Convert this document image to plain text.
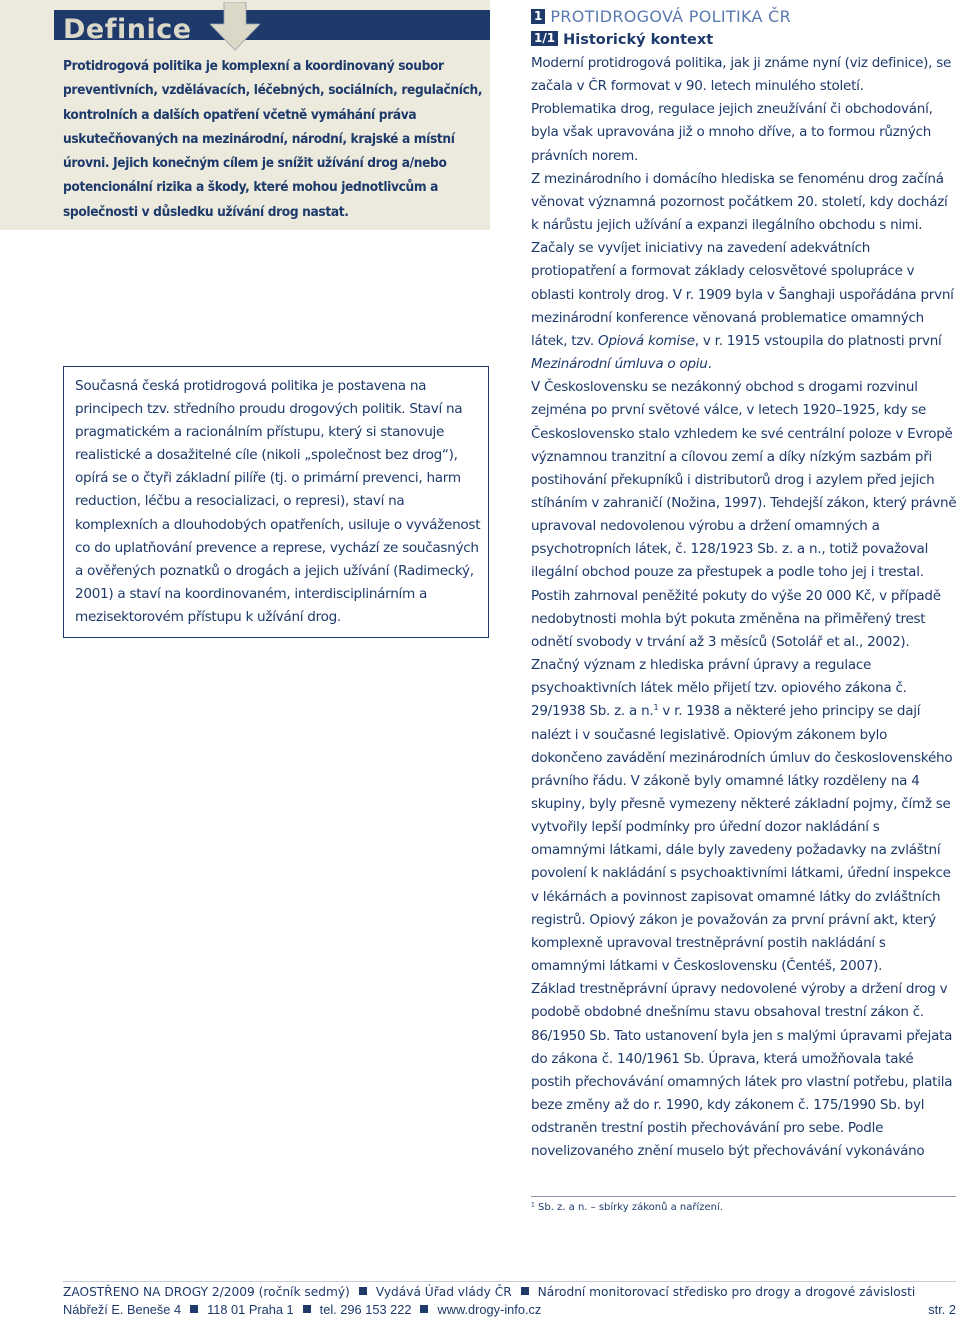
Definice
Protidrogová politika je komplexní a koordinovaný soubor preventivních, vzdělávacích, léčebných, sociálních, regulačních, kontrolních a dalších opatření včetně vymáhání práva uskutečňovaných na mezinárodní, národní, krajské a místní úrovni. Jejich konečným cílem je snížit užívání drog a/nebo potencionální rizika a škody, které mohou jednotlivcům a společnosti v důsledku užívání drog nastat.
Současná česká protidrogová politika je postavena na principech tzv. středního proudu drogových politik. Staví na pragmatickém a racionálním přístupu, který si stanovuje realistické a dosažitelné cíle (nikoli „společnost bez drog“), opírá se o čtyři základní pilíře (tj. o primární prevenci, harm reduction, léčbu a resocializaci, o represi), staví na komplexních a dlouhodobých opatřeních, usiluje o vyváženost co do uplatňování prevence a represe, vychází ze současných a ověřených poznatků o drogách a jejich užívání (Radimecký, 2001) a staví na koordinovaném, interdisciplinárním a mezisektorovém přístupu k užívání drog.
1 PROTIDROGOVÁ POLITIKA ČR
1/1 Historický kontext

Moderní protidrogová politika, jak ji známe nyní (viz definice), se začala v ČR formovat v 90. letech minulého století.

Problematika drog, regulace jejich zneužívání či obchodování, byla však upravována již o mnoho dříve, a to formou různých právních norem.

Z mezinárodního i domácího hlediska se fenoménu drog začíná věnovat významná pozornost počátkem 20. století, kdy dochází k nárůstu jejich užívání a expanzi ilegálního obchodu s nimi.

Začaly se vyvíjet iniciativy na zavedení adekvátních protiopatření a formovat základy celosvětové spolupráce v oblasti kontroly drog. V r. 1909 byla v Šanghaji uspořádána první mezinárodní konference věnovaná problematice omamných látek, tzv. Opiová komise, v r. 1915 vstoupila do platnosti první Mezinárodní úmluva o opiu.

V Československu se nezákonný obchod s drogami rozvinul zejména po první světové válce, v letech 1920–1925, kdy se Československo stalo vzhledem ke své centrální poloze v Evropě významnou tranzitní a cílovou zemí a díky nízkým sazbám při postihování překupníků i distributorů drog i azylem před jejich stíháním v zahraničí (Nožina, 1997). Tehdejší zákon, který právně upravoval nedovolenou výrobu a držení omamných a psychotropních látek, č. 128/1923 Sb. z. a n., totiž považoval ilegální obchod pouze za přestupek a podle toho jej i trestal. Postih zahrnoval peněžité pokuty do výše 20 000 Kč, v případě nedobytnosti mohla být pokuta změněna na přiměřený trest odnětí svobody v trvání až 3 měsíců (Sotolář et al., 2002). Značný význam z hlediska právní úpravy a regulace psychoaktivních látek mělo přijetí tzv. opiového zákona č. 29/1938 Sb. z. a n.$^1$ v r. 1938 a některé jeho principy se dají nalézt i v současné legislativě. Opiovým zákonem bylo dokončeno zavádění mezinárodních úmluv do československého právního řádu. V zákoně byly omamné látky rozděleny na 4 skupiny, byly přesně vymezeny některé základní pojmy, čímž se vytvořily lepší podmínky pro úřední dozor nakládání s omamnými látkami, dále byly zavedeny požadavky na zvláštní povolení k nakládání s psychoaktivními látkami, úřední inspekce v lékárnách a povinnost zapisovat omamné látky do zvláštních registrů. Opiový zákon je považován za první právní akt, který komplexně upravoval trestněprávní postih nakládání s omamnými látkami v Československu (Čentéš, 2007).

Základ trestněprávní úpravy nedovolené výroby a držení drog v podobě obdobné dnešnímu stavu obsahoval trestní zákon č. 86/1950 Sb. Tato ustanovení byla jen s malými úpravami přejata do zákona č. 140/1961 Sb. Úprava, která umožňovala také postih přechovávání omamných látek pro vlastní potřebu, platila beze změny až do r. 1990, kdy zákonem č. 175/1990 Sb. byl odstraněn trestní postih přechovávání pro sebe. Podle novelizovaného znění muselo být přechovávání vykonáváno

$^1$ Sb. z. a n. – sbírky zákonů a nařízení.
ZAOSTŘENO NA DROGY 2/2009 (ročník sedmý) Vydává Úřad vlády ČR Národní monitorovací středisko pro drogy a drogové závislosti
Nábřeží E. Beneše 4 118 01 Praha 1 tel. 296 153 222 www.drogy-info.cz	str. 2
